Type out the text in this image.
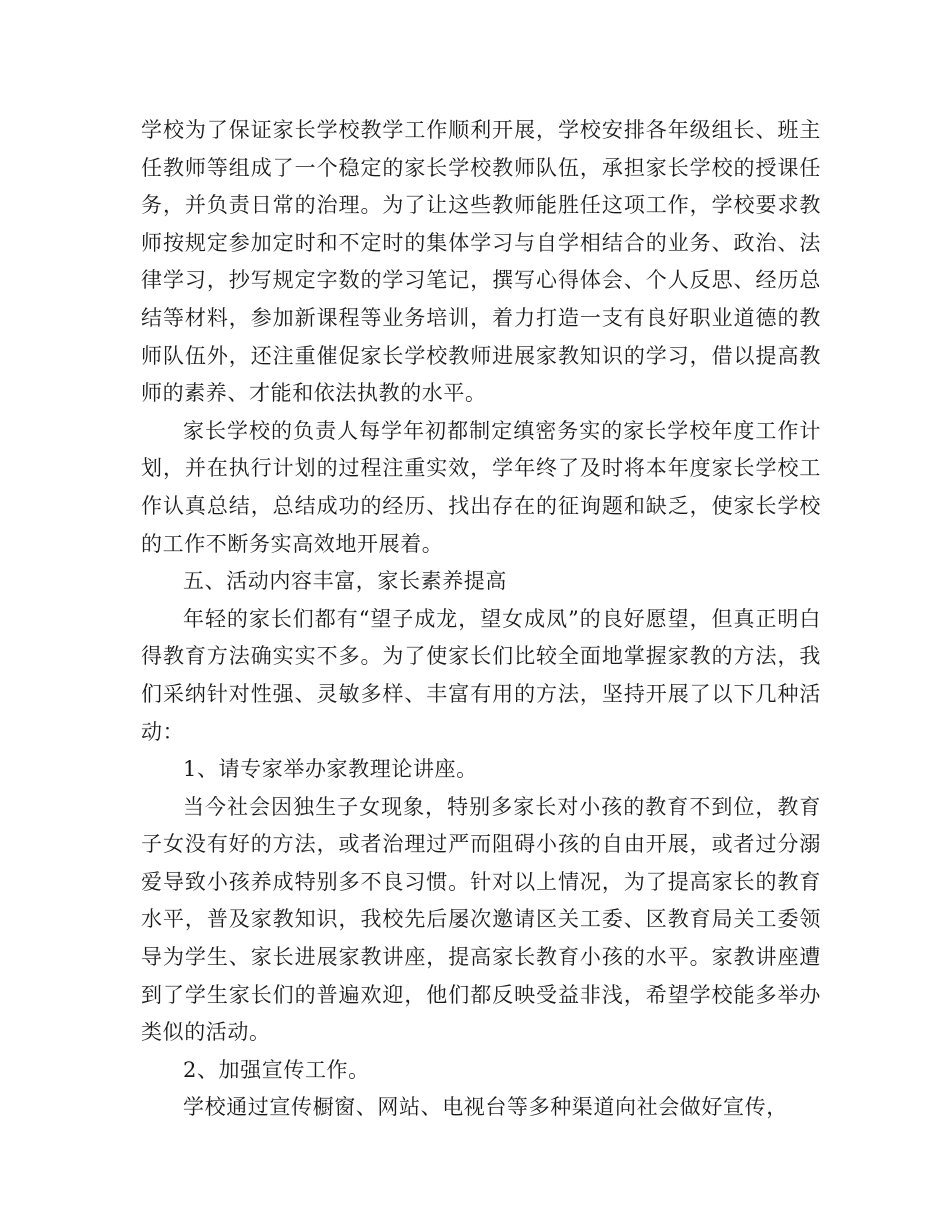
学校为了保证家长学校教学工作顺利开展，学校安排各年级组长、班主任教师等组成了一个稳定的家长学校教师队伍，承担家长学校的授课任务，并负责日常的治理。为了让这些教师能胜任这项工作，学校要求教师按规定参加定时和不定时的集体学习与自学相结合的业务、政治、法律学习，抄写规定字数的学习笔记，撰写心得体会、个人反思、经历总结等材料，参加新课程等业务培训，着力打造一支有良好职业道德的教师队伍外，还注重催促家长学校教师进展家教知识的学习，借以提高教师的素养、才能和依法执教的水平。

家长学校的负责人每学年初都制定缜密务实的家长学校年度工作计划，并在执行计划的过程注重实效，学年终了及时将本年度家长学校工作认真总结，总结成功的经历、找出存在的征询题和缺乏，使家长学校的工作不断务实高效地开展着。

五、活动内容丰富，家长素养提高

年轻的家长们都有“望子成龙，望女成凤”的良好愿望，但真正明白得教育方法确实实不多。为了使家长们比较全面地掌握家教的方法，我们采纳针对性强、灵敏多样、丰富有用的方法，坚持开展了以下几种活动：

1、请专家举办家教理论讲座。

当今社会因独生子女现象，特别多家长对小孩的教育不到位，教育子女没有好的方法，或者治理过严而阻碍小孩的自由开展，或者过分溺爱导致小孩养成特别多不良习惯。针对以上情况，为了提高家长的教育水平，普及家教知识，我校先后屡次邀请区关工委、区教育局关工委领导为学生、家长进展家教讲座，提高家长教育小孩的水平。家教讲座遭到了学生家长们的普遍欢迎，他们都反映受益非浅，希望学校能多举办类似的活动。

2、加强宣传工作。

学校通过宣传橱窗、网站、电视台等多种渠道向社会做好宣传，
